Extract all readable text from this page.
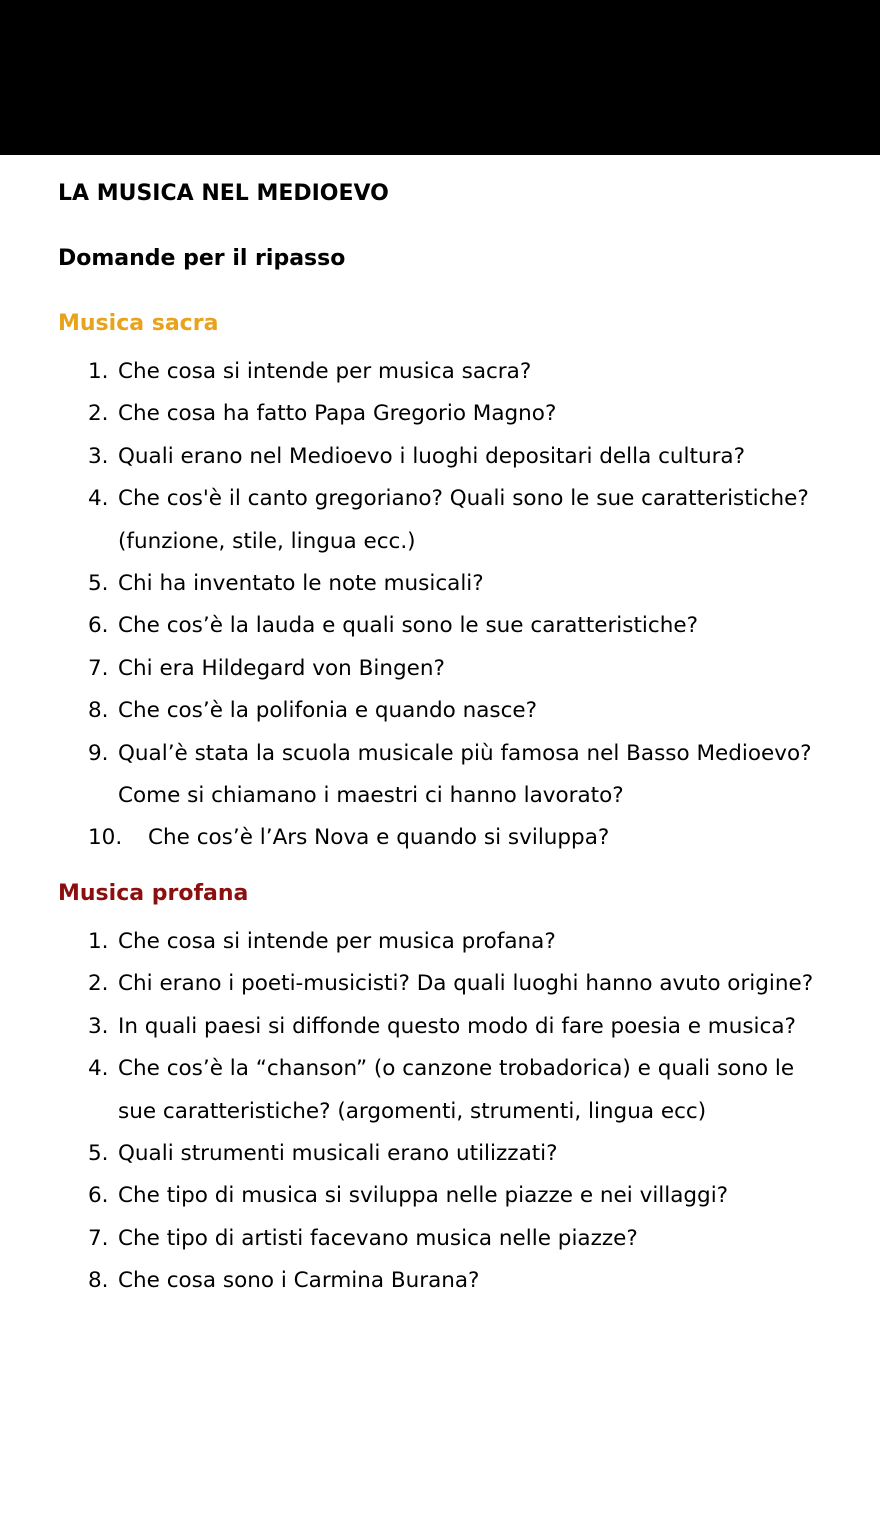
LA MUSICA NEL MEDIOEVO
Domande per il ripasso
Musica sacra
1. Che cosa si intende per musica sacra?
2. Che cosa ha fatto Papa Gregorio Magno?
3. Quali erano nel Medioevo i luoghi depositari della cultura?
4. Che cos'è il canto gregoriano? Quali sono le sue caratteristiche? (funzione, stile, lingua ecc.)
5. Chi ha inventato le note musicali?
6. Che cos’è la lauda e quali sono le sue caratteristiche?
7. Chi era Hildegard von Bingen?
8. Che cos’è la polifonia e quando nasce?
9. Qual’è stata la scuola musicale più famosa nel Basso Medioevo? Come si chiamano i maestri ci hanno lavorato?
10. Che cos’è l’Ars Nova e quando si sviluppa?
Musica profana
1. Che cosa si intende per musica profana?
2. Chi erano i poeti-musicisti? Da quali luoghi hanno avuto origine?
3. In quali paesi si diffonde questo modo di fare poesia e musica?
4. Che cos’è la “chanson” (o canzone trobadorica) e quali sono le sue caratteristiche? (argomenti, strumenti, lingua ecc)
5. Quali strumenti musicali erano utilizzati?
6. Che tipo di musica si sviluppa nelle piazze e nei villaggi?
7. Che tipo di artisti facevano musica nelle piazze?
8. Che cosa sono i Carmina Burana?
